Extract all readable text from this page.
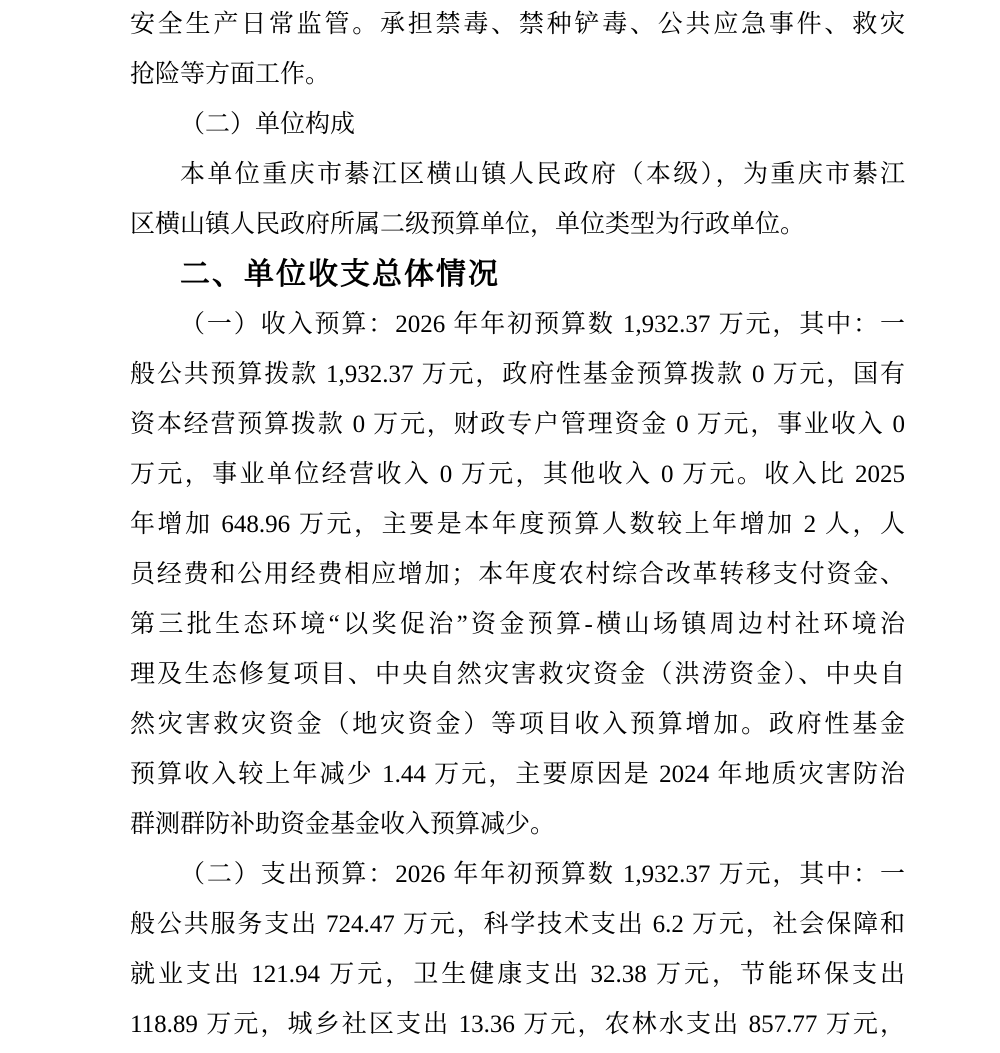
安全生产日常监管。承担禁毒、禁种铲毒、公共应急事件、救灾
抢险等方面工作。
（二）单位构成
本单位重庆市綦江区横山镇人民政府（本级），为重庆市綦江
区横山镇人民政府所属二级预算单位，单位类型为行政单位。
二、单位收支总体情况
（一）收入预算：2026 年年初预算数 1,932.37 万元，其中：一
般公共预算拨款 1,932.37 万元，政府性基金预算拨款 0 万元，国有
资本经营预算拨款 0 万元，财政专户管理资金 0 万元，事业收入 0
万元，事业单位经营收入 0 万元，其他收入 0 万元。收入比 2025
年增加 648.96 万元，主要是本年度预算人数较上年增加 2 人，人
员经费和公用经费相应增加；本年度农村综合改革转移支付资金、
第三批生态环境“以奖促治”资金预算-横山场镇周边村社环境治
理及生态修复项目、中央自然灾害救灾资金（洪涝资金）、中央自
然灾害救灾资金（地灾资金）等项目收入预算增加。政府性基金
预算收入较上年减少 1.44 万元，主要原因是 2024 年地质灾害防治
群测群防补助资金基金收入预算减少。
（二）支出预算：2026 年年初预算数 1,932.37 万元，其中：一
般公共服务支出 724.47 万元，科学技术支出 6.2 万元，社会保障和
就业支出 121.94 万元，卫生健康支出 32.38 万元，节能环保支出
118.89 万元，城乡社区支出 13.36 万元，农林水支出 857.77 万元，
